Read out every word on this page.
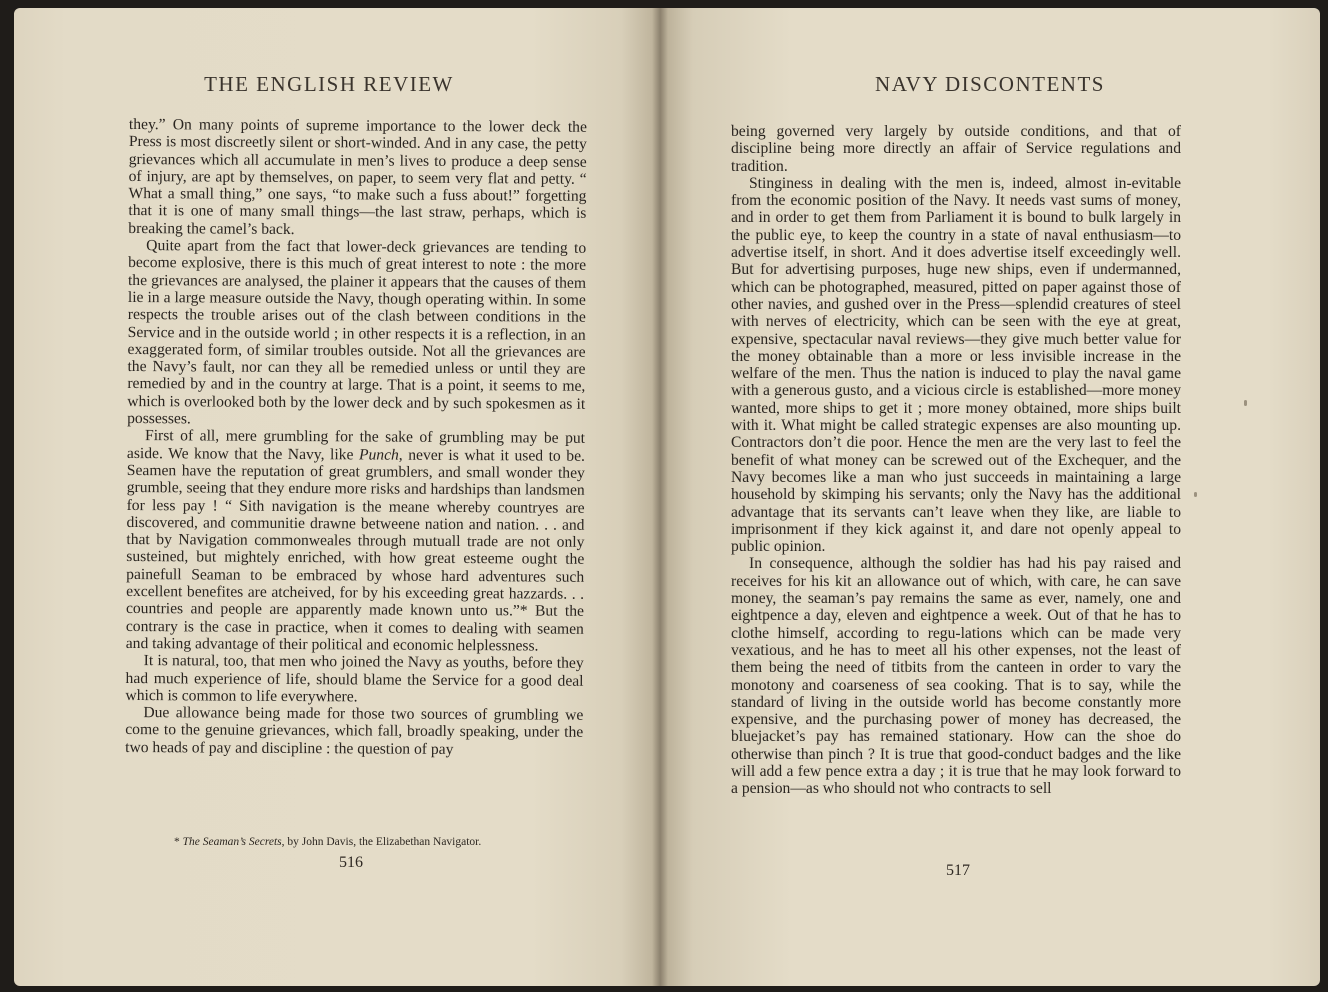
THE ENGLISH REVIEW

they.” On many points of supreme importance to the lower deck the Press is most discreetly silent or short-winded. And in any case, the petty grievances which all accumulate in men’s lives to produce a deep sense of injury, are apt by themselves, on paper, to seem very flat and petty. “ What a small thing,” one says, “to make such a fuss about!” forgetting that it is one of many small things—the last straw, perhaps, which is breaking the camel’s back.

Quite apart from the fact that lower-deck grievances are tending to become explosive, there is this much of great interest to note : the more the grievances are analysed, the plainer it appears that the causes of them lie in a large measure outside the Navy, though operating within. In some respects the trouble arises out of the clash between conditions in the Service and in the outside world ; in other respects it is a reflection, in an exaggerated form, of similar troubles outside. Not all the grievances are the Navy’s fault, nor can they all be remedied unless or until they are remedied by and in the country at large. That is a point, it seems to me, which is overlooked both by the lower deck and by such spokesmen as it possesses.

First of all, mere grumbling for the sake of grumbling may be put aside. We know that the Navy, like Punch, never is what it used to be. Seamen have the reputation of great grumblers, and small wonder they grumble, seeing that they endure more risks and hardships than landsmen for less pay ! “ Sith navigation is the meane whereby countryes are discovered, and communitie drawne betweene nation and nation. . . and that by Navigation commonweales through mutuall trade are not only susteined, but mightely enriched, with how great esteeme ought the painefull Seaman to be embraced by whose hard adventures such excellent benefites are atcheived, for by his exceeding great hazzards. . . countries and people are apparently made known unto us.”* But the contrary is the case in practice, when it comes to dealing with seamen and taking advantage of their political and economic helplessness.

It is natural, too, that men who joined the Navy as youths, before they had much experience of life, should blame the Service for a good deal which is common to life everywhere.

Due allowance being made for those two sources of grumbling we come to the genuine grievances, which fall, broadly speaking, under the two heads of pay and discipline : the question of pay

* The Seaman’s Secrets, by John Davis, the Elizabethan Navigator.
516
NAVY DISCONTENTS

being governed very largely by outside conditions, and that of discipline being more directly an affair of Service regulations and tradition.

Stinginess in dealing with the men is, indeed, almost in-evitable from the economic position of the Navy. It needs vast sums of money, and in order to get them from Parliament it is bound to bulk largely in the public eye, to keep the country in a state of naval enthusiasm—to advertise itself, in short. And it does advertise itself exceedingly well. But for advertising purposes, huge new ships, even if undermanned, which can be photographed, measured, pitted on paper against those of other navies, and gushed over in the Press—splendid creatures of steel with nerves of electricity, which can be seen with the eye at great, expensive, spectacular naval reviews—they give much better value for the money obtainable than a more or less invisible increase in the welfare of the men. Thus the nation is induced to play the naval game with a generous gusto, and a vicious circle is established—more money wanted, more ships to get it ; more money obtained, more ships built with it. What might be called strategic expenses are also mounting up. Contractors don’t die poor. Hence the men are the very last to feel the benefit of what money can be screwed out of the Exchequer, and the Navy becomes like a man who just succeeds in maintaining a large household by skimping his servants; only the Navy has the additional advantage that its servants can’t leave when they like, are liable to imprisonment if they kick against it, and dare not openly appeal to public opinion.

In consequence, although the soldier has had his pay raised and receives for his kit an allowance out of which, with care, he can save money, the seaman’s pay remains the same as ever, namely, one and eightpence a day, eleven and eightpence a week. Out of that he has to clothe himself, according to regu-lations which can be made very vexatious, and he has to meet all his other expenses, not the least of them being the need of titbits from the canteen in order to vary the monotony and coarseness of sea cooking. That is to say, while the standard of living in the outside world has become constantly more expensive, and the purchasing power of money has decreased, the bluejacket’s pay has remained stationary. How can the shoe do otherwise than pinch ? It is true that good-conduct badges and the like will add a few pence extra a day ; it is true that he may look forward to a pension—as who should not who contracts to sell

517
